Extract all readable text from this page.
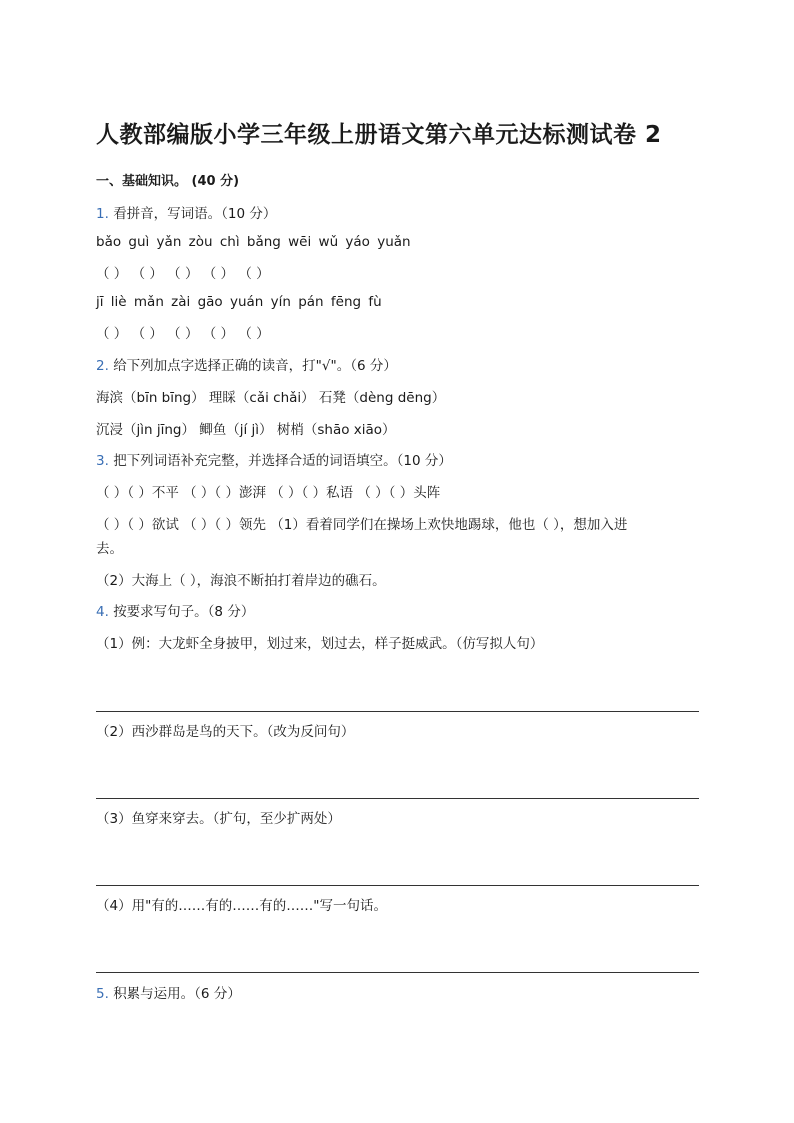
人教部编版小学三年级上册语文第六单元达标测试卷 2
一、基础知识。 (40 分)
1. 看拼音，写词语。（10 分）
bǎo guì yǎn zòu chì bǎng wēi wǔ yáo yuǎn
（ ） （ ） （ ） （ ） （ ）
jī liè mǎn zài gāo yuán yín pán fēng fù
（ ） （ ） （ ） （ ） （ ）
2. 给下列加点字选择正确的读音，打"√"。（6 分）
海滨（bīn bīng） 理睬（cǎi chǎi） 石凳（dèng dēng）
沉浸（jìn jīng） 鲫鱼（jí jì） 树梢（shāo xiāo）
3. 把下列词语补充完整，并选择合适的词语填空。（10 分）
（ ）（ ）不平 （ ）（ ）澎湃 （ ）（ ）私语 （ ）（ ）头阵
（ ）（ ）欲试 （ ）（ ）领先 （1）看着同学们在操场上欢快地踢球，他也（ ），想加入进
去。
（2）大海上（ ），海浪不断拍打着岸边的礁石。
4. 按要求写句子。（8 分）
（1）例：大龙虾全身披甲，划过来，划过去，样子挺威武。（仿写拟人句）
（2）西沙群岛是鸟的天下。（改为反问句）
（3）鱼穿来穿去。（扩句，至少扩两处）
（4）用"有的……有的……有的……"写一句话。
5. 积累与运用。（6 分）
